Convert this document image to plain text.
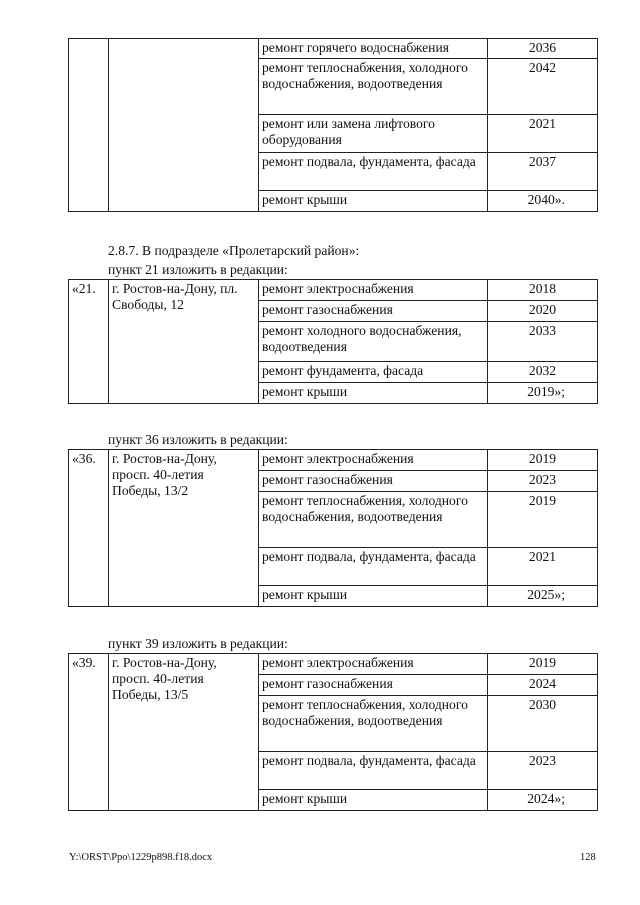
		ремонт горячего водоснабжения	2036
		ремонт теплоснабжения, холодного водоснабжения, водоотведения	2042
		ремонт или замена лифтового оборудования	2021
		ремонт подвала, фундамента, фасада	2037
		ремонт крыши	2040».
2.8.7. В подразделе «Пролетарский район»:
пункт 21 изложить в редакции:
«21.	г. Ростов-на-Дону, пл. Свободы, 12	ремонт электроснабжения	2018
		ремонт газоснабжения	2020
		ремонт холодного водоснабжения, водоотведения	2033
		ремонт фундамента, фасада	2032
		ремонт крыши	2019»;
пункт 36 изложить в редакции:
«36.	г. Ростов-на-Дону, просп. 40-летия Победы, 13/2	ремонт электроснабжения	2019
		ремонт газоснабжения	2023
		ремонт теплоснабжения, холодного водоснабжения, водоотведения	2019
		ремонт подвала, фундамента, фасада	2021
		ремонт крыши	2025»;
пункт 39 изложить в редакции:
«39.	г. Ростов-на-Дону, просп. 40-летия Победы, 13/5	ремонт электроснабжения	2019
		ремонт газоснабжения	2024
		ремонт теплоснабжения, холодного водоснабжения, водоотведения	2030
		ремонт подвала, фундамента, фасада	2023
		ремонт крыши	2024»;
Y:\ORST\Ppo\1229p898.f18.docx	128
